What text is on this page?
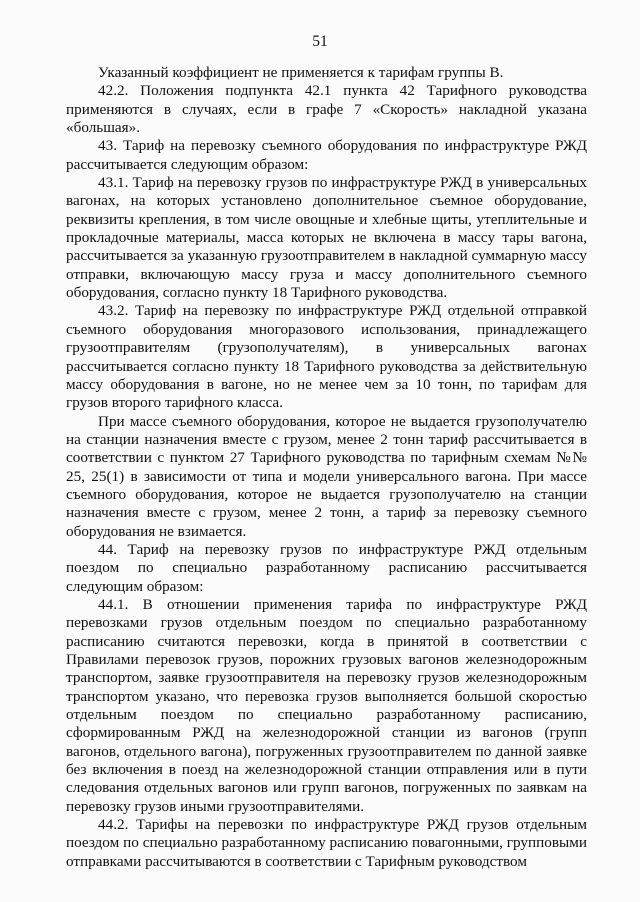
51

Указанный коэффициент не применяется к тарифам группы В.

42.2. Положения подпункта 42.1 пункта 42 Тарифного руководства применяются в случаях, если в графе 7 «Скорость» накладной указана «большая».

43. Тариф на перевозку съемного оборудования по инфраструктуре РЖД рассчитывается следующим образом:

43.1. Тариф на перевозку грузов по инфраструктуре РЖД в универсальных вагонах, на которых установлено дополнительное съемное оборудование, реквизиты крепления, в том числе овощные и хлебные щиты, утеплительные и прокладочные материалы, масса которых не включена в массу тары вагона, рассчитывается за указанную грузоотправителем в накладной суммарную массу отправки, включающую массу груза и массу дополнительного съемного оборудования, согласно пункту 18 Тарифного руководства.

43.2. Тариф на перевозку по инфраструктуре РЖД отдельной отправкой съемного оборудования многоразового использования, принадлежащего грузоотправителям (грузополучателям), в универсальных вагонах рассчитывается согласно пункту 18 Тарифного руководства за действительную массу оборудования в вагоне, но не менее чем за 10 тонн, по тарифам для грузов второго тарифного класса.

При массе съемного оборудования, которое не выдается грузополучателю на станции назначения вместе с грузом, менее 2 тонн тариф рассчитывается в соответствии с пунктом 27 Тарифного руководства по тарифным схемам №№ 25, 25(1) в зависимости от типа и модели универсального вагона. При массе съемного оборудования, которое не выдается грузополучателю на станции назначения вместе с грузом, менее 2 тонн, а тариф за перевозку съемного оборудования не взимается.

44. Тариф на перевозку грузов по инфраструктуре РЖД отдельным поездом по специально разработанному расписанию рассчитывается следующим образом:

44.1. В отношении применения тарифа по инфраструктуре РЖД перевозками грузов отдельным поездом по специально разработанному расписанию считаются перевозки, когда в принятой в соответствии с Правилами перевозок грузов, порожних грузовых вагонов железнодорожным транспортом, заявке грузоотправителя на перевозку грузов железнодорожным транспортом указано, что перевозка грузов выполняется большой скоростью отдельным поездом по специально разработанному расписанию, сформированным РЖД на железнодорожной станции из вагонов (групп вагонов, отдельного вагона), погруженных грузоотправителем по данной заявке без включения в поезд на железнодорожной станции отправления или в пути следования отдельных вагонов или групп вагонов, погруженных по заявкам на перевозку грузов иными грузоотправителями.

44.2. Тарифы на перевозки по инфраструктуре РЖД грузов отдельным поездом по специально разработанному расписанию повагонными, групповыми отправками рассчитываются в соответствии с Тарифным руководством
